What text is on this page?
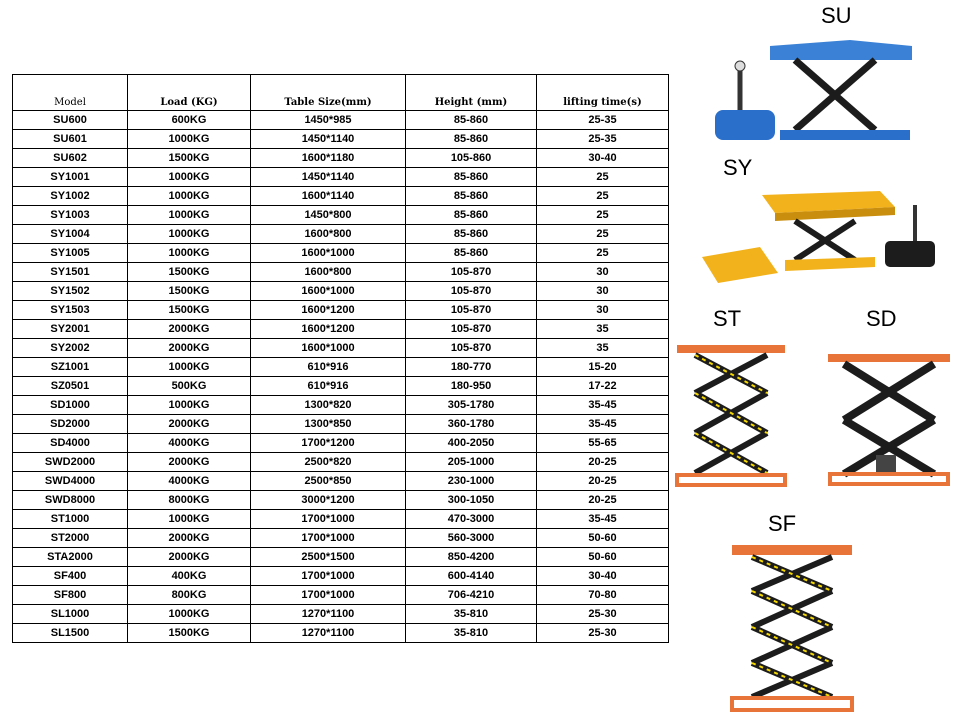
Model	Load (KG)	Table Size(mm)	Height (mm)	lifting time(s)
SU600	600KG	1450*985	85-860	25-35
SU601	1000KG	1450*1140	85-860	25-35
SU602	1500KG	1600*1180	105-860	30-40
SY1001	1000KG	1450*1140	85-860	25
SY1002	1000KG	1600*1140	85-860	25
SY1003	1000KG	1450*800	85-860	25
SY1004	1000KG	1600*800	85-860	25
SY1005	1000KG	1600*1000	85-860	25
SY1501	1500KG	1600*800	105-870	30
SY1502	1500KG	1600*1000	105-870	30
SY1503	1500KG	1600*1200	105-870	30
SY2001	2000KG	1600*1200	105-870	35
SY2002	2000KG	1600*1000	105-870	35
SZ1001	1000KG	610*916	180-770	15-20
SZ0501	500KG	610*916	180-950	17-22
SD1000	1000KG	1300*820	305-1780	35-45
SD2000	2000KG	1300*850	360-1780	35-45
SD4000	4000KG	1700*1200	400-2050	55-65
SWD2000	2000KG	2500*820	205-1000	20-25
SWD4000	4000KG	2500*850	230-1000	20-25
SWD8000	8000KG	3000*1200	300-1050	20-25
ST1000	1000KG	1700*1000	470-3000	35-45
ST2000	2000KG	1700*1000	560-3000	50-60
STA2000	2000KG	2500*1500	850-4200	50-60
SF400	400KG	1700*1000	600-4140	30-40
SF800	800KG	1700*1000	706-4210	70-80
SL1000	1000KG	1270*1100	35-810	25-30
SL1500	1500KG	1270*1100	35-810	25-30
SU
SY
ST	SD
SF
